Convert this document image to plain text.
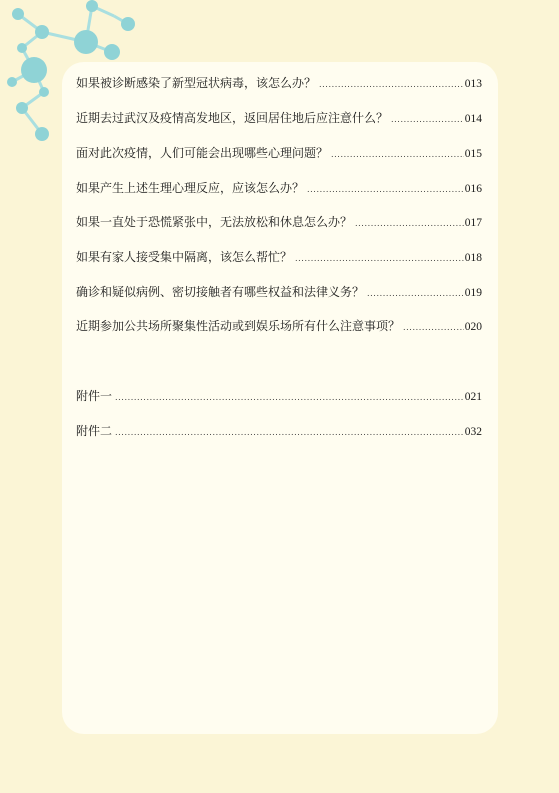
如果被诊断感染了新型冠状病毒，该怎么办？ .....	013
近期去过武汉及疫情高发地区，返回居住地后应注意什么？ .....	014
面对此次疫情，人们可能会出现哪些心理问题？ .....	015
如果产生上述生理心理反应，应该怎么办？ .....	016
如果一直处于恐慌紧张中，无法放松和休息怎么办？ .....	017
如果有家人接受集中隔离，该怎么帮忙？ .....	018
确诊和疑似病例、密切接触者有哪些权益和法律义务？ .....	019
近期参加公共场所聚集性活动或到娱乐场所有什么注意事项？ .....	020
附件一 .....	021
附件二 .....	032
